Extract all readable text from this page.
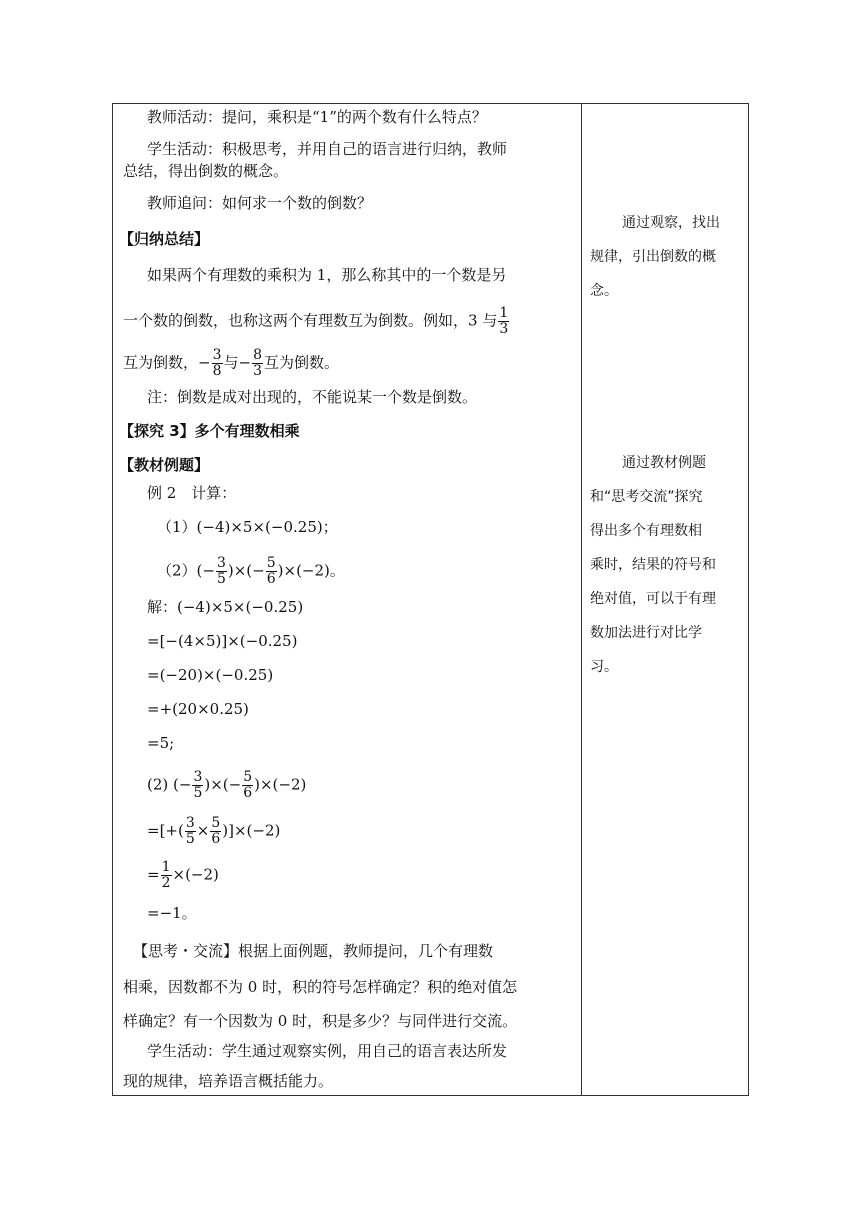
教师活动：提问，乘积是“1”的两个数有什么特点？
学生活动：积极思考，并用自己的语言进行归纳，教师
总结，得出倒数的概念。
教师追问：如何求一个数的倒数？
【归纳总结】
如果两个有理数的乘积为 1，那么称其中的一个数是另
一个数的倒数，也称这两个有理数互为倒数。例如，3 与 $\frac{1}{3}$
互为倒数，− $\frac{3}{8}$ 与− $\frac{8}{3}$ 互为倒数。
注：倒数是成对出现的，不能说某一个数是倒数。
【探究 3】多个有理数相乘
【教材例题】
例 2　计算：
（1）(−4)×5×(−0.25)；
$(2)(- \frac{3}{5}$ )×(− $\frac{5}{6} )\times(-2)$。
解：(−4)×5×(−0.25)
=[−(4×5)]×(−0.25)
=(−20)×(−0.25)
=+(20×0.25)
=5;
(2) (− $\frac{3}{5}$ )×(− $\frac{5}{6} )\times(-2)$
=[+( $\frac{3}{5} \times \frac{5}{6} )]\times(-2)$
= $\frac{1}{2} \times(-2)$
=−1。
【思考・交流】根据上面例题，教师提问，几个有理数
相乘，因数都不为 0 时，积的符号怎样确定？积的绝对值怎
样确定？有一个因数为 0 时，积是多少？与同伴进行交流。
学生活动：学生通过观察实例，用自己的语言表达所发
现的规律，培养语言概括能力。
通过观察，找出
规律，引出倒数的概
念。
通过教材例题
和“思考交流”探究
得出多个有理数相
乘时，结果的符号和
绝对值，可以于有理
数加法进行对比学
习。
